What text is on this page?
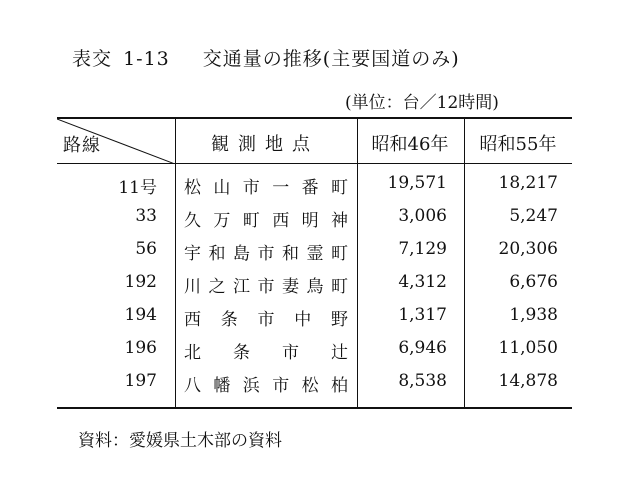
表交 1-13 交通量の推移(主要国道のみ)
(単位：台／12時間)
路線	観測地点	昭和46年	昭和55年
11号 松山市一番町	19,571	18,217
33 久万町西明神	3,006	5,247
56 宇和島市和霊町	7,129	20,306
192 川之江市妻鳥町	4,312	6,676
194 西条市中野	1,317	1,938
196 北条市辻	6,946	11,050
197 八幡浜市松柏	8,538	14,878
資料：愛媛県土木部の資料
